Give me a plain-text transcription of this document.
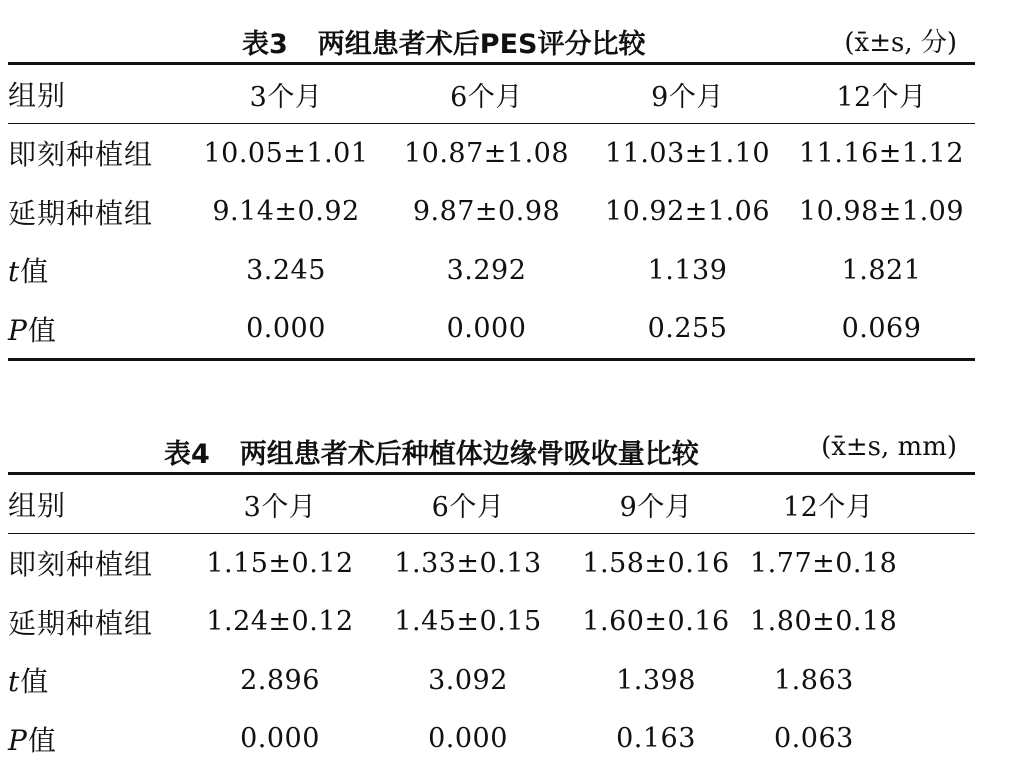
表3 两组患者术后PES评分比较	(x̄±s, 分)
组别	3个月	6个月	9个月	12个月
即刻种植组	10.05±1.01	10.87±1.08	11.03±1.10	11.16±1.12
延期种植组	9.14±0.92	9.87±0.98	10.92±1.06	10.98±1.09
t值	3.245	3.292	1.139	1.821
P值	0.000	0.000	0.255	0.069
表4 两组患者术后种植体边缘骨吸收量比较	(x̄±s, mm)
组别	3个月	6个月	9个月	12个月
即刻种植组	1.15±0.12	1.33±0.13	1.58±0.16	1.77±0.18
延期种植组	1.24±0.12	1.45±0.15	1.60±0.16	1.80±0.18
t值	2.896	3.092	1.398	1.863
P值	0.000	0.000	0.163	0.063
